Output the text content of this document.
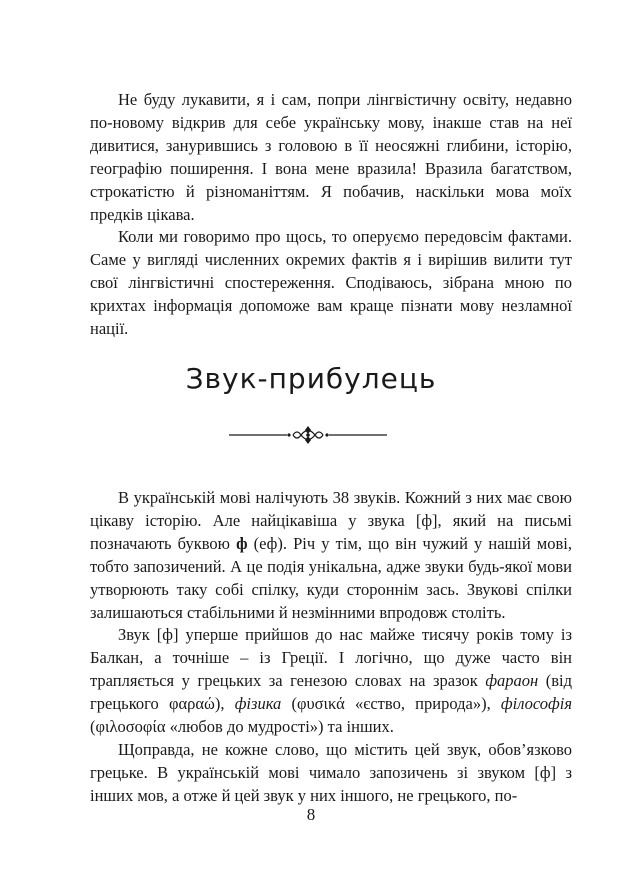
Не буду лукавити, я і сам, попри лінгвістичну освіту, недавно по-новому відкрив для себе українську мову, інакше став на неї дивитися, занурившись з головою в її неосяжні глибини, історію, географію поширення. І вона мене вразила! Вразила багатством, строкатістю й різноманіттям. Я побачив, наскільки мова моїх предків цікава.

Коли ми говоримо про щось, то оперуємо передовсім фактами. Саме у вигляді численних окремих фактів я і вирішив вилити тут свої лінгвістичні спостереження. Сподіваюсь, зібрана мною по крихтах інформація допоможе вам краще пізнати мову незламної нації.

Звук-прибулець

В українській мові налічують 38 звуків. Кожний з них має свою цікаву історію. Але найцікавіша у звука [ф], який на письмі позначають буквою ф (еф). Річ у тім, що він чужий у нашій мові, тобто запозичений. А це подія унікальна, адже звуки будь-якої мови утворюють таку собі спілку, куди стороннім зась. Звукові спілки залишаються стабільними й незмінними впродовж століть.

Звук [ф] уперше прийшов до нас майже тисячу років тому із Балкан, а точніше – із Греції. І логічно, що дуже часто він трапляється у грецьких за генезою словах на зразок фараон (від грецького φαραώ), фізика (φυσικά «єство, природа»), філософія (φιλοσοφία «любов до мудрості») та інших.

Щоправда, не кожне слово, що містить цей звук, обов’язково грецьке. В українській мові чимало запозичень зі звуком [ф] з інших мов, а отже й цей звук у них іншого, не грецького, по-

8
